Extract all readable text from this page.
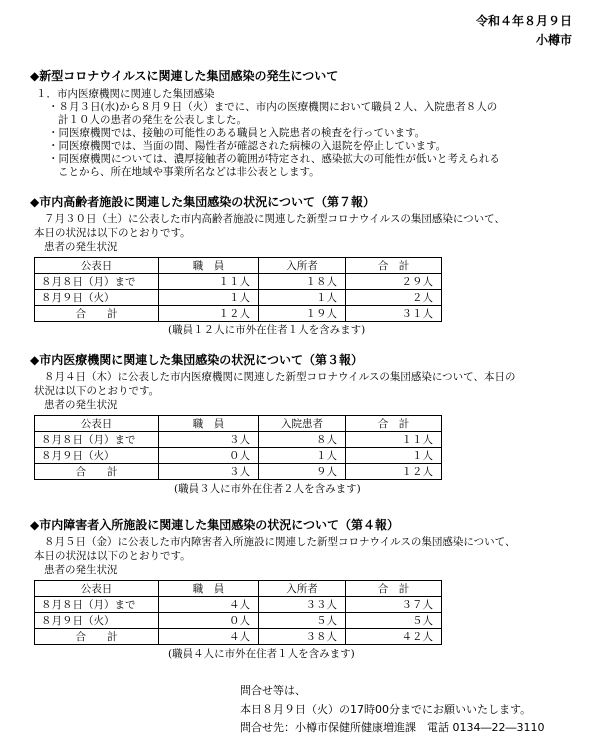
令和４年８月９日
小樽市
◆新型コロナウイルスに関連した集団感染の発生について
１．市内医療機関に関連した集団感染
・８月３日(水)から８月９日（火）までに、市内の医療機関において職員２人、入院患者８人の
計１０人の患者の発生を公表しました。
・同医療機関では、接触の可能性のある職員と入院患者の検査を行っています。
・同医療機関では、当面の間、陽性者が確認された病棟の入退院を停止しています。
・同医療機関については、濃厚接触者の範囲が特定され、感染拡大の可能性が低いと考えられる
ことから、所在地域や事業所名などは非公表とします。
◆市内高齢者施設に関連した集団感染の状況について（第７報）
７月３０日（土）に公表した市内高齢者施設に関連した新型コロナウイルスの集団感染について、
本日の状況は以下のとおりです。
患者の発生状況
公表日	職　員	入所者	合　計
８月８日（月）まで	１１人	１８人	２９人
８月９日（火）	１人	１人	２人
合　　計	１２人	１９人	３１人
(職員１２人に市外在住者１人を含みます)
◆市内医療機関に関連した集団感染の状況について（第３報）
８月４日（木）に公表した市内医療機関に関連した新型コロナウイルスの集団感染について、本日の
状況は以下のとおりです。
患者の発生状況
公表日	職　員	入院患者	合　計
８月８日（月）まで	３人	８人	１１人
８月９日（火）	０人	１人	１人
合　　計	３人	９人	１２人
(職員３人に市外在住者２人を含みます)
◆市内障害者入所施設に関連した集団感染の状況について（第４報）
８月５日（金）に公表した市内障害者入所施設に関連した新型コロナウイルスの集団感染について、
本日の状況は以下のとおりです。
患者の発生状況
公表日	職　員	入所者	合　計
８月８日（月）まで	４人	３３人	３７人
８月９日（火）	０人	５人	５人
合　　計	４人	３８人	４２人
(職員４人に市外在住者１人を含みます)
問合せ等は、
本日８月９日（火）の17時00分までにお願いいたします。
問合せ先：小樽市保健所健康増進課　電話 0134―22―3110
